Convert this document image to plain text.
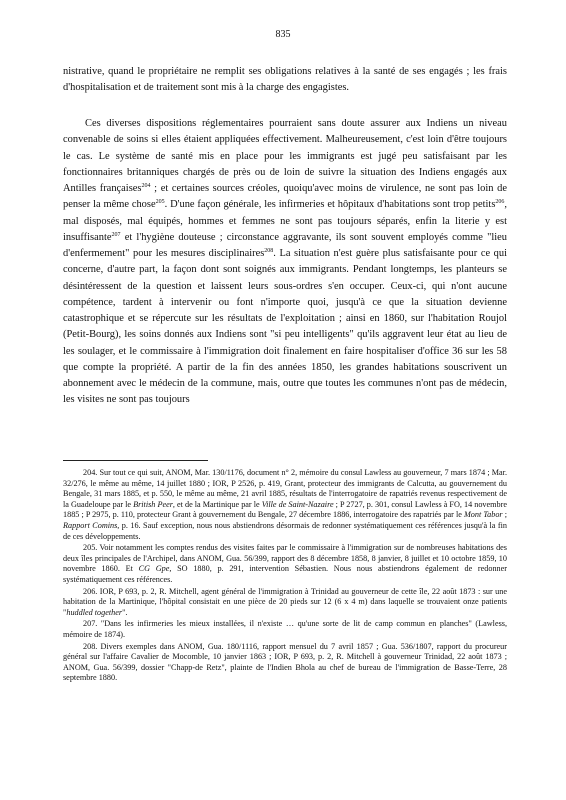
835

nistrative, quand le propriétaire ne remplit ses obligations relatives à la santé de ses engagés ; les frais d'hospitalisation et de traitement sont mis à la charge des engagistes.

Ces diverses dispositions réglementaires pourraient sans doute assurer aux Indiens un niveau convenable de soins si elles étaient appliquées effectivement. Malheureusement, c'est loin d'être toujours le cas. Le système de santé mis en place pour les immigrants est jugé peu satisfaisant par les fonctionnaires britanniques chargés de près ou de loin de suivre la situation des Indiens engagés aux Antilles françaises$^{204}$ ; et certaines sources créoles, quoiqu'avec moins de virulence, ne sont pas loin de penser la même chose$^{205}$. D'une façon générale, les infirmeries et hôpitaux d'habitations sont trop petits$^{206}$, mal disposés, mal équipés, hommes et femmes ne sont pas toujours séparés, enfin la literie y est insuffisante$^{207}$ et l'hygiène douteuse ; circonstance aggravante, ils sont souvent employés comme "lieu d'enfermement" pour les mesures disciplinaires$^{208}$. La situation n'est guère plus satisfaisante pour ce qui concerne, d'autre part, la façon dont sont soignés aux immigrants. Pendant longtemps, les planteurs se désintéressent de la question et laissent leurs sous-ordres s'en occuper. Ceux-ci, qui n'ont aucune compétence, tardent à intervenir ou font n'importe quoi, jusqu'à ce que la situation devienne catastrophique et se répercute sur les résultats de l'exploitation ; ainsi en 1860, sur l'habitation Roujol (Petit-Bourg), les soins donnés aux Indiens sont "si peu intelligents" qu'ils aggravent leur état au lieu de les soulager, et le commissaire à l'immigration doit finalement en faire hospitaliser d'office 36 sur les 58 que compte la propriété. A partir de la fin des années 1850, les grandes habitations souscrivent un abonnement avec le médecin de la commune, mais, outre que toutes les communes n'ont pas de médecin, les visites ne sont pas toujours

204. Sur tout ce qui suit, ANOM, Mar. 130/1176, document n° 2, mémoire du consul Lawless au gouverneur, 7 mars 1874 ; Mar. 32/276, le même au même, 14 juillet 1880 ; IOR, P 2526, p. 419, Grant, protecteur des immigrants de Calcutta, au gouvernement du Bengale, 31 mars 1885, et p. 550, le même au même, 21 avril 1885, résultats de l'interrogatoire de rapatriés revenus respectivement de la Guadeloupe par le British Peer, et de la Martinique par le Ville de Saint-Nazaire ; P 2727, p. 301, consul Lawless à FO, 14 novembre 1885 ; P 2975, p. 110, protecteur Grant à gouvernement du Bengale, 27 décembre 1886, interrogatoire des rapatriés par le Mont Tabor ; Rapport Comins, p. 16. Sauf exception, nous nous abstiendrons désormais de redonner systématiquement ces références jusqu'à la fin de ces développements.

205. Voir notamment les comptes rendus des visites faites par le commissaire à l'immigration sur de nombreuses habitations des deux îles principales de l'Archipel, dans ANOM, Gua. 56/399, rapport des 8 décembre 1858, 8 janvier, 8 juillet et 10 octobre 1859, 10 novembre 1860. Et CG Gpe, SO 1880, p. 291, intervention Sébastien. Nous nous abstiendrons également de redonner systématiquement ces références.

206. IOR, P 693, p. 2, R. Mitchell, agent général de l'immigration à Trinidad au gouverneur de cette île, 22 août 1873 : sur une habitation de la Martinique, l'hôpital consistait en une pièce de 20 pieds sur 12 (6 x 4 m) dans laquelle se trouvaient onze patients "huddled together".

207. "Dans les infirmeries les mieux installées, il n'existe … qu'une sorte de lit de camp commun en planches" (Lawless, mémoire de 1874).

208. Divers exemples dans ANOM, Gua. 180/1116, rapport mensuel du 7 avril 1857 ; Gua. 536/1807, rapport du procureur général sur l'affaire Cavalier de Mocomble, 10 janvier 1863 ; IOR, P 693, p. 2, R. Mitchell à gouverneur Trinidad, 22 août 1873 ; ANOM, Gua. 56/399, dossier "Chapp-de Retz", plainte de l'Indien Bhola au chef de bureau de l'immigration de Basse-Terre, 28 septembre 1880.
